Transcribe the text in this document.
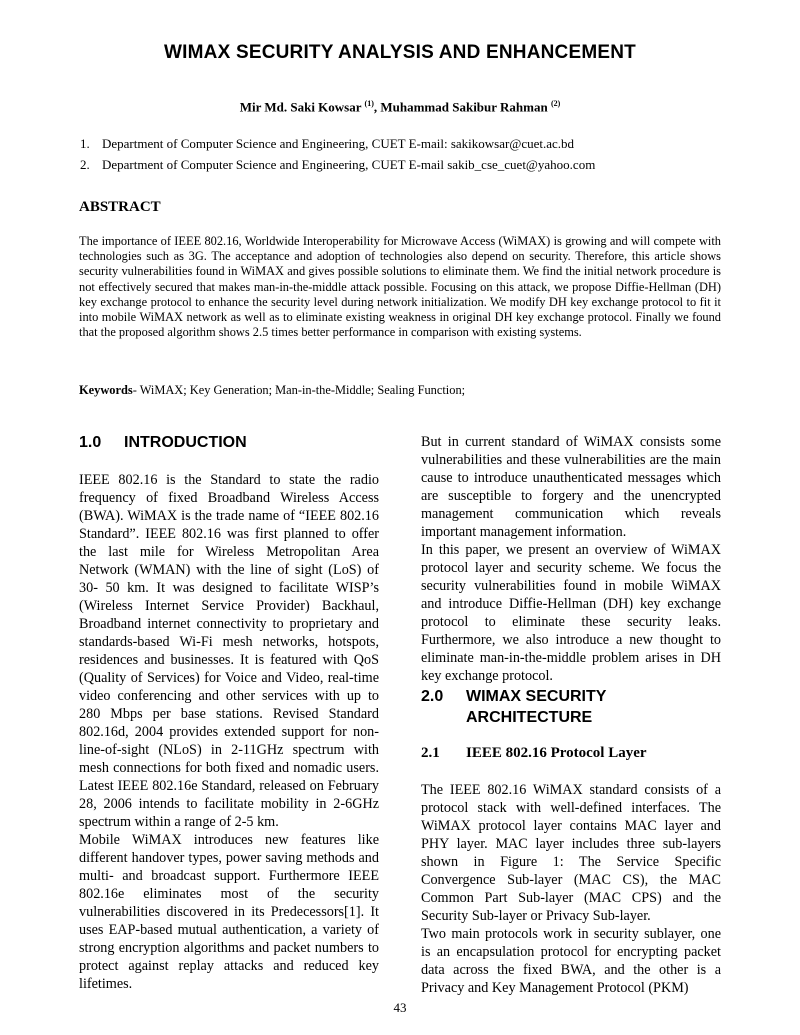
WIMAX SECURITY ANALYSIS AND ENHANCEMENT
Mir Md. Saki Kowsar $^{(1)}$, Muhammad Sakibur Rahman $^{(2)}$
1. Department of Computer Science and Engineering, CUET E-mail: sakikowsar@cuet.ac.bd
2. Department of Computer Science and Engineering, CUET E-mail sakib_cse_cuet@yahoo.com
ABSTRACT
The importance of IEEE 802.16, Worldwide Interoperability for Microwave Access (WiMAX) is growing and will compete with technologies such as 3G. The acceptance and adoption of technologies also depend on security. Therefore, this article shows security vulnerabilities found in WiMAX and gives possible solutions to eliminate them. We find the initial network procedure is not effectively secured that makes man-in-the-middle attack possible. Focusing on this attack, we propose Diffie-Hellman (DH) key exchange protocol to enhance the security level during network initialization. We modify DH key exchange protocol to fit it into mobile WiMAX network as well as to eliminate existing weakness in original DH key exchange protocol. Finally we found that the proposed algorithm shows 2.5 times better performance in comparison with existing systems.
Keywords- WiMAX; Key Generation; Man-in-the-Middle; Sealing Function;
1.0 INTRODUCTION

IEEE 802.16 is the Standard to state the radio frequency of fixed Broadband Wireless Access (BWA). WiMAX is the trade name of “IEEE 802.16 Standard”. IEEE 802.16 was first planned to offer the last mile for Wireless Metropolitan Area Network (WMAN) with the line of sight (LoS) of 30- 50 km. It was designed to facilitate WISP’s (Wireless Internet Service Provider) Backhaul, Broadband internet connectivity to proprietary and standards-based Wi-Fi mesh networks, hotspots, residences and businesses. It is featured with QoS (Quality of Services) for Voice and Video, real-time video conferencing and other services with up to 280 Mbps per base stations. Revised Standard 802.16d, 2004 provides extended support for non-line-of-sight (NLoS) in 2-11GHz spectrum with mesh connections for both fixed and nomadic users. Latest IEEE 802.16e Standard, released on February 28, 2006 intends to facilitate mobility in 2-6GHz spectrum within a range of 2-5 km.

Mobile WiMAX introduces new features like different handover types, power saving methods and multi- and broadcast support. Furthermore IEEE 802.16e eliminates most of the security vulnerabilities discovered in its Predecessors[1]. It uses EAP-based mutual authentication, a variety of strong encryption algorithms and packet numbers to protect against replay attacks and reduced key lifetimes.

But in current standard of WiMAX consists some vulnerabilities and these vulnerabilities are the main cause to introduce unauthenticated messages which are susceptible to forgery and the unencrypted management communication which reveals important management information.

In this paper, we present an overview of WiMAX protocol layer and security scheme. We focus the security vulnerabilities found in mobile WiMAX and introduce Diffie-Hellman (DH) key exchange protocol to eliminate these security leaks. Furthermore, we also introduce a new thought to eliminate man-in-the-middle problem arises in DH key exchange protocol.

2.0 WIMAX SECURITY
ARCHITECTURE
2.1 IEEE 802.16 Protocol Layer

The IEEE 802.16 WiMAX standard consists of a protocol stack with well-defined interfaces. The WiMAX protocol layer contains MAC layer and PHY layer. MAC layer includes three sub-layers shown in Figure 1: The Service Specific Convergence Sub-layer (MAC CS), the MAC Common Part Sub-layer (MAC CPS) and the Security Sub-layer or Privacy Sub-layer.

Two main protocols work in security sublayer, one is an encapsulation protocol for encrypting packet data across the fixed BWA, and the other is a Privacy and Key Management Protocol (PKM)

43
